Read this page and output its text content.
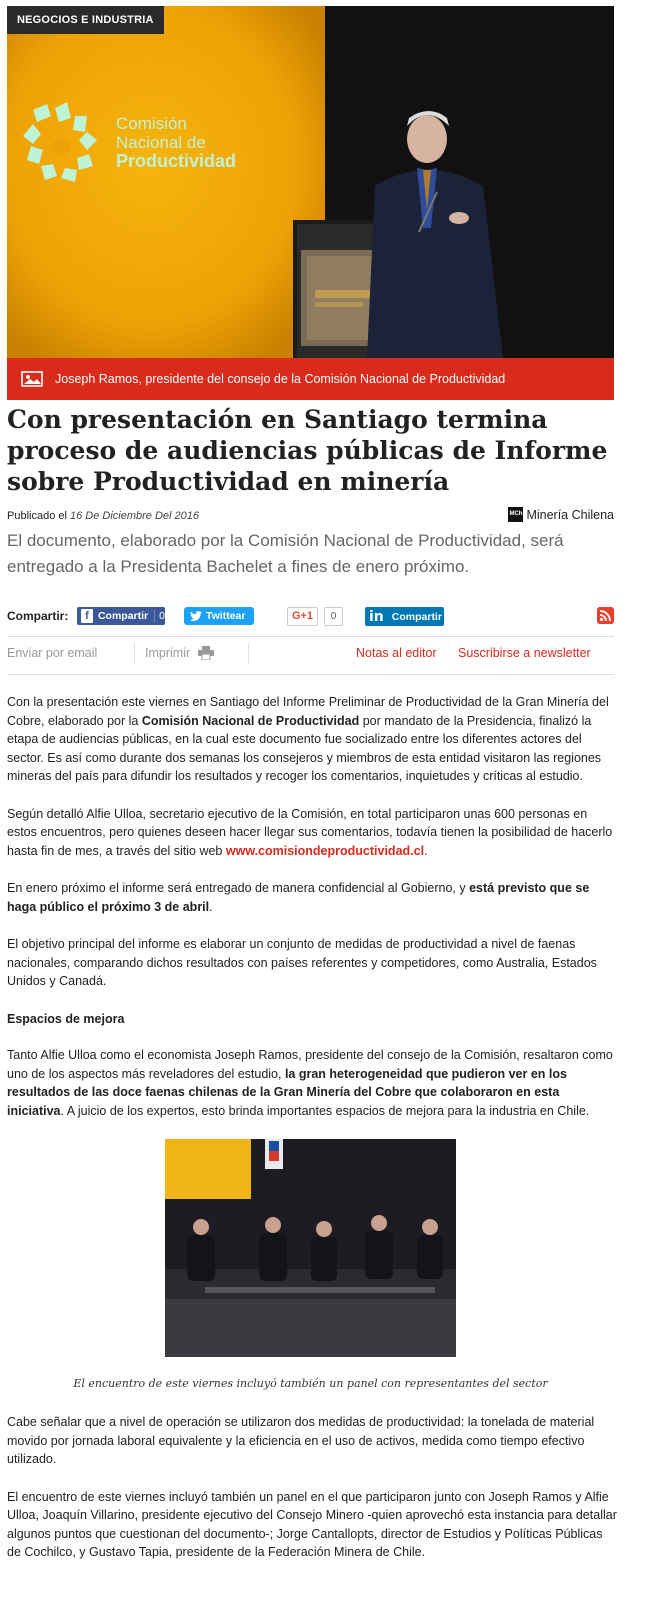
NEGOCIOS E INDUSTRIA
Comisión
Nacional de
Productividad
Joseph Ramos, presidente del consejo de la Comisión Nacional de Productividad
Con presentación en Santiago termina proceso de audiencias públicas de Informe sobre Productividad en minería
Publicado el 16 De Diciembre Del 2016	MCh Minería Chilena

El documento, elaborado por la Comisión Nacional de Productividad, será entregado a la Presidenta Bachelet a fines de enero próximo.

Compartir:	f Compartir	0	Twittear	G+1	0	in Compartir
Enviar por email	Imprimir	Notas al editor Suscribirse a newsletter

Con la presentación este viernes en Santiago del Informe Preliminar de Productividad de la Gran Minería del Cobre, elaborado por la Comisión Nacional de Productividad por mandato de la Presidencia, finalizó la etapa de audiencias públicas, en la cual este documento fue socializado entre los diferentes actores del sector. Es así como durante dos semanas los consejeros y miembros de esta entidad visitaron las regiones mineras del país para difundir los resultados y recoger los comentarios, inquietudes y críticas al estudio.

Según detalló Alfie Ulloa, secretario ejecutivo de la Comisión, en total participaron unas 600 personas en estos encuentros, pero quienes deseen hacer llegar sus comentarios, todavía tienen la posibilidad de hacerlo hasta fin de mes, a través del sitio web www.comisiondeproductividad.cl.

En enero próximo el informe será entregado de manera confidencial al Gobierno, y está previsto que se haga público el próximo 3 de abril.

El objetivo principal del informe es elaborar un conjunto de medidas de productividad a nivel de faenas nacionales, comparando dichos resultados con países referentes y competidores, como Australia, Estados Unidos y Canadá.

Espacios de mejora

Tanto Alfie Ulloa como el economista Joseph Ramos, presidente del consejo de la Comisión, resaltaron como uno de los aspectos más reveladores del estudio, la gran heterogeneidad que pudieron ver en los resultados de las doce faenas chilenas de la Gran Minería del Cobre que colaboraron en esta iniciativa. A juicio de los expertos, esto brinda importantes espacios de mejora para la industria en Chile.

El encuentro de este viernes incluyó también un panel con representantes del sector

Cabe señalar que a nivel de operación se utilizaron dos medidas de productividad: la tonelada de material movido por jornada laboral equivalente y la eficiencia en el uso de activos, medida como tiempo efectivo utilizado.

El encuentro de este viernes incluyó también un panel en el que participaron junto con Joseph Ramos y Alfie Ulloa, Joaquín Villarino, presidente ejecutivo del Consejo Minero -quien aprovechó esta instancia para detallar algunos puntos que cuestionan del documento-; Jorge Cantallopts, director de Estudios y Políticas Públicas de Cochilco, y Gustavo Tapia, presidente de la Federación Minera de Chile.
